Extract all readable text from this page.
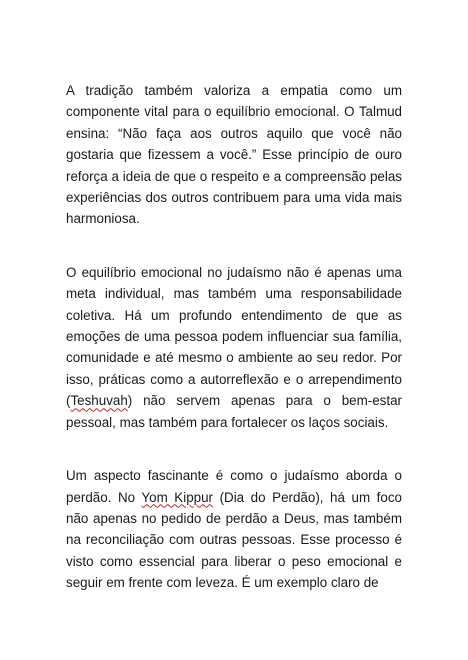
A tradição também valoriza a empatia como um componente vital para o equilíbrio emocional. O Talmud ensina: “Não faça aos outros aquilo que você não gostaria que fizessem a você.” Esse princípio de ouro reforça a ideia de que o respeito e a compreensão pelas experiências dos outros contribuem para uma vida mais harmoniosa.

O equilíbrio emocional no judaísmo não é apenas uma meta individual, mas também uma responsabilidade coletiva. Há um profundo entendimento de que as emoções de uma pessoa podem influenciar sua família, comunidade e até mesmo o ambiente ao seu redor. Por isso, práticas como a autorreflexão e o arrependimento (Teshuvah) não servem apenas para o bem-estar pessoal, mas também para fortalecer os laços sociais.

Um aspecto fascinante é como o judaísmo aborda o perdão. No Yom Kippur (Dia do Perdão), há um foco não apenas no pedido de perdão a Deus, mas também na reconciliação com outras pessoas. Esse processo é visto como essencial para liberar o peso emocional e seguir em frente com leveza. É um exemplo claro de
